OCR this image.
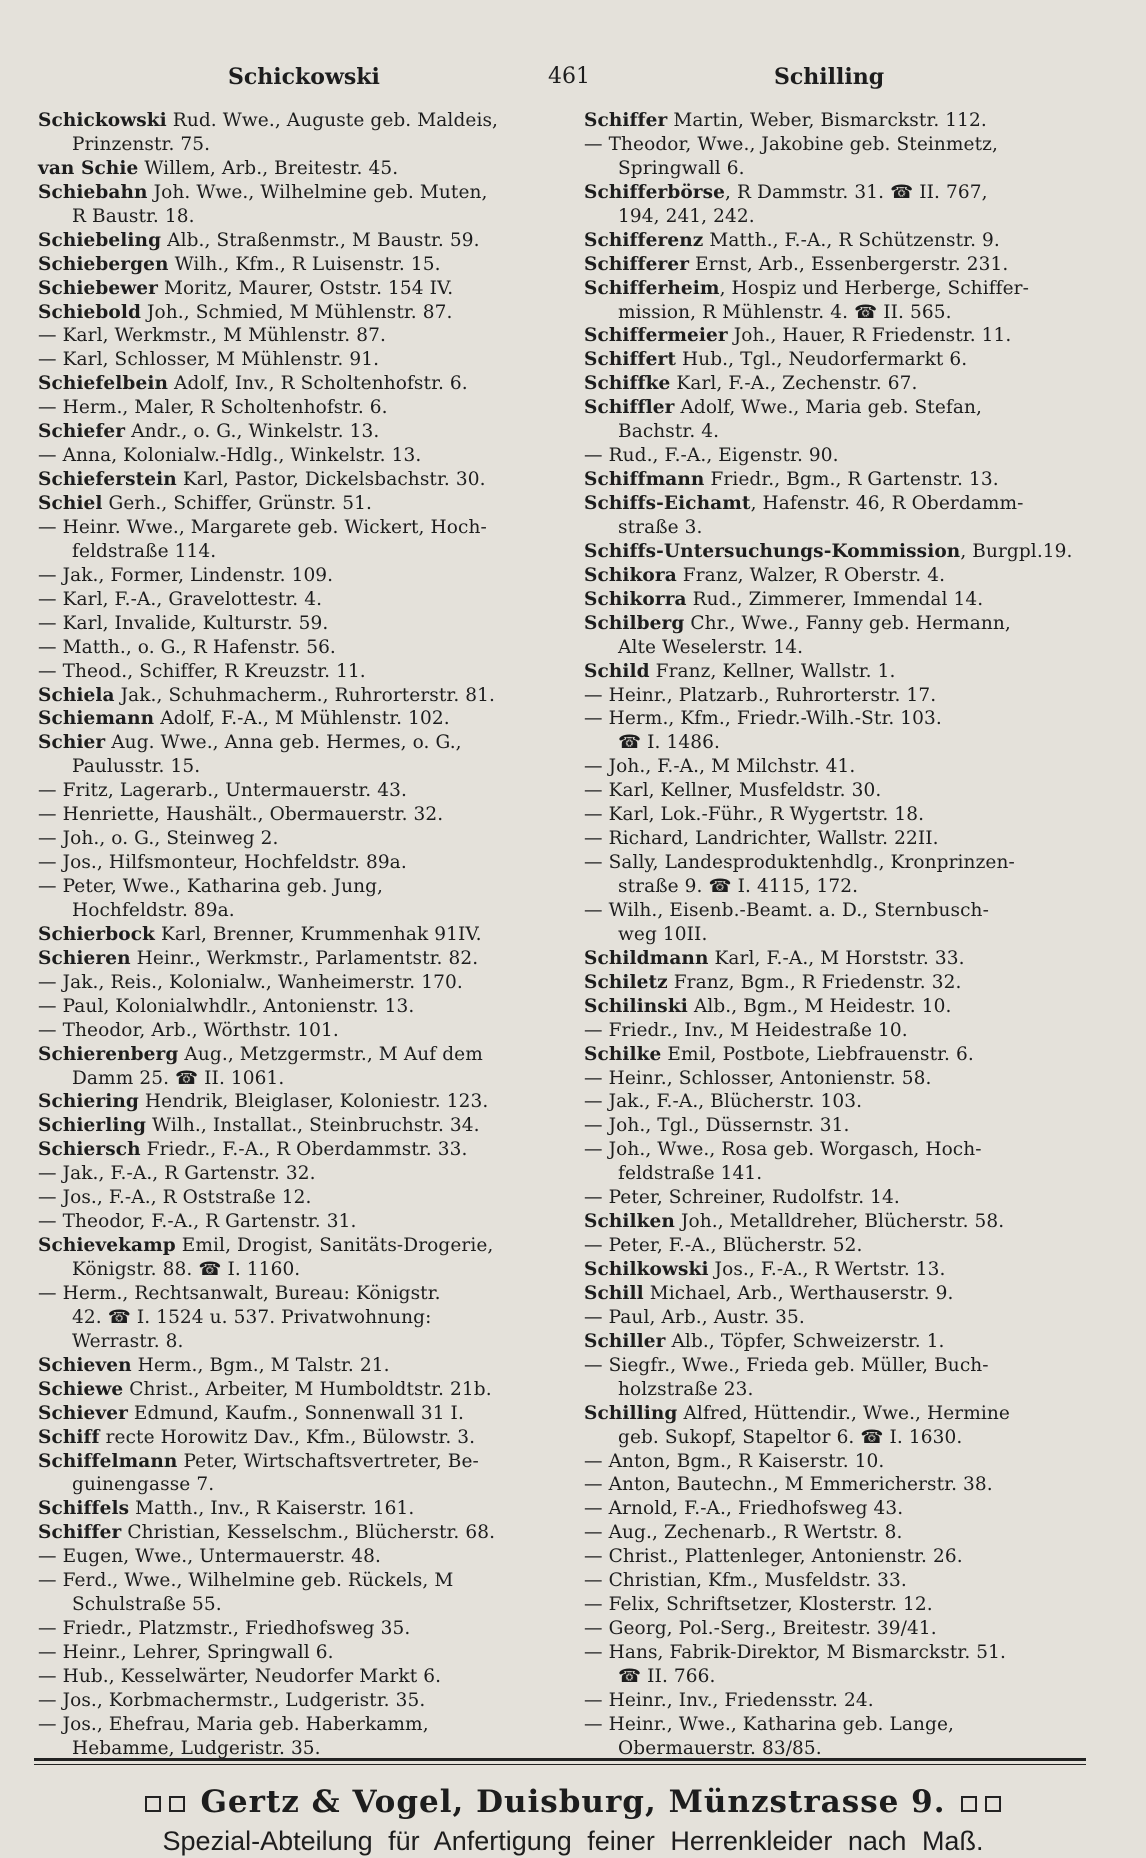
Schickowski	461	Schilling
Schickowski Rud. Wwe., Auguste geb. Maldeis,
Prinzenstr. 75.
van Schie Willem, Arb., Breitestr. 45.
Schiebahn Joh. Wwe., Wilhelmine geb. Muten,
R Baustr. 18.
Schiebeling Alb., Straßenmstr., M Baustr. 59.
Schiebergen Wilh., Kfm., R Luisenstr. 15.
Schiebewer Moritz, Maurer, Oststr. 154 IV.
Schiebold Joh., Schmied, M Mühlenstr. 87.
— Karl, Werkmstr., M Mühlenstr. 87.
— Karl, Schlosser, M Mühlenstr. 91.
Schiefelbein Adolf, Inv., R Scholtenhofstr. 6.
— Herm., Maler, R Scholtenhofstr. 6.
Schiefer Andr., o. G., Winkelstr. 13.
— Anna, Kolonialw.-Hdlg., Winkelstr. 13.
Schieferstein Karl, Pastor, Dickelsbachstr. 30.
Schiel Gerh., Schiffer, Grünstr. 51.
— Heinr. Wwe., Margarete geb. Wickert, Hoch-
feldstraße 114.
— Jak., Former, Lindenstr. 109.
— Karl, F.-A., Gravelottestr. 4.
— Karl, Invalide, Kulturstr. 59.
— Matth., o. G., R Hafenstr. 56.
— Theod., Schiffer, R Kreuzstr. 11.
Schiela Jak., Schuhmacherm., Ruhrorterstr. 81.
Schiemann Adolf, F.-A., M Mühlenstr. 102.
Schier Aug. Wwe., Anna geb. Hermes, o. G.,
Paulusstr. 15.
— Fritz, Lagerarb., Untermauerstr. 43.
— Henriette, Haushält., Obermauerstr. 32.
— Joh., o. G., Steinweg 2.
— Jos., Hilfsmonteur, Hochfeldstr. 89a.
— Peter, Wwe., Katharina geb. Jung,
Hochfeldstr. 89a.
Schierbock Karl, Brenner, Krummenhak 91IV.
Schieren Heinr., Werkmstr., Parlamentstr. 82.
— Jak., Reis., Kolonialw., Wanheimerstr. 170.
— Paul, Kolonialwhdlr., Antonienstr. 13.
— Theodor, Arb., Wörthstr. 101.
Schierenberg Aug., Metzgermstr., M Auf dem
Damm 25. ☎ II. 1061.
Schiering Hendrik, Bleiglaser, Koloniestr. 123.
Schierling Wilh., Installat., Steinbruchstr. 34.
Schiersch Friedr., F.-A., R Oberdammstr. 33.
— Jak., F.-A., R Gartenstr. 32.
— Jos., F.-A., R Oststraße 12.
— Theodor, F.-A., R Gartenstr. 31.
Schievekamp Emil, Drogist, Sanitäts-Drogerie,
Königstr. 88. ☎ I. 1160.
— Herm., Rechtsanwalt, Bureau: Königstr.
42. ☎ I. 1524 u. 537. Privatwohnung:
Werrastr. 8.
Schieven Herm., Bgm., M Talstr. 21.
Schiewe Christ., Arbeiter, M Humboldtstr. 21b.
Schiever Edmund, Kaufm., Sonnenwall 31 I.
Schiff recte Horowitz Dav., Kfm., Bülowstr. 3.
Schiffelmann Peter, Wirtschaftsvertreter, Be-
guinengasse 7.
Schiffels Matth., Inv., R Kaiserstr. 161.
Schiffer Christian, Kesselschm., Blücherstr. 68.
— Eugen, Wwe., Untermauerstr. 48.
— Ferd., Wwe., Wilhelmine geb. Rückels, M
Schulstraße 55.
— Friedr., Platzmstr., Friedhofsweg 35.
— Heinr., Lehrer, Springwall 6.
— Hub., Kesselwärter, Neudorfer Markt 6.
— Jos., Korbmachermstr., Ludgeristr. 35.
— Jos., Ehefrau, Maria geb. Haberkamm,
Hebamme, Ludgeristr. 35.
Schiffer Martin, Weber, Bismarckstr. 112.
— Theodor, Wwe., Jakobine geb. Steinmetz,
Springwall 6.
Schifferbörse, R Dammstr. 31. ☎ II. 767,
194, 241, 242.
Schifferenz Matth., F.-A., R Schützenstr. 9.
Schifferer Ernst, Arb., Essenbergerstr. 231.
Schifferheim, Hospiz und Herberge, Schiffer-
mission, R Mühlenstr. 4. ☎ II. 565.
Schiffermeier Joh., Hauer, R Friedenstr. 11.
Schiffert Hub., Tgl., Neudorfermarkt 6.
Schiffke Karl, F.-A., Zechenstr. 67.
Schiffler Adolf, Wwe., Maria geb. Stefan,
Bachstr. 4.
— Rud., F.-A., Eigenstr. 90.
Schiffmann Friedr., Bgm., R Gartenstr. 13.
Schiffs-Eichamt, Hafenstr. 46, R Oberdamm-
straße 3.
Schiffs-Untersuchungs-Kommission, Burgpl.19.
Schikora Franz, Walzer, R Oberstr. 4.
Schikorra Rud., Zimmerer, Immendal 14.
Schilberg Chr., Wwe., Fanny geb. Hermann,
Alte Weselerstr. 14.
Schild Franz, Kellner, Wallstr. 1.
— Heinr., Platzarb., Ruhrorterstr. 17.
— Herm., Kfm., Friedr.-Wilh.-Str. 103.
☎ I. 1486.
— Joh., F.-A., M Milchstr. 41.
— Karl, Kellner, Musfeldstr. 30.
— Karl, Lok.-Führ., R Wygertstr. 18.
— Richard, Landrichter, Wallstr. 22II.
— Sally, Landesproduktenhdlg., Kronprinzen-
straße 9. ☎ I. 4115, 172.
— Wilh., Eisenb.-Beamt. a. D., Sternbusch-
weg 10II.
Schildmann Karl, F.-A., M Horststr. 33.
Schiletz Franz, Bgm., R Friedenstr. 32.
Schilinski Alb., Bgm., M Heidestr. 10.
— Friedr., Inv., M Heidestraße 10.
Schilke Emil, Postbote, Liebfrauenstr. 6.
— Heinr., Schlosser, Antonienstr. 58.
— Jak., F.-A., Blücherstr. 103.
— Joh., Tgl., Düssernstr. 31.
— Joh., Wwe., Rosa geb. Worgasch, Hoch-
feldstraße 141.
— Peter, Schreiner, Rudolfstr. 14.
Schilken Joh., Metalldreher, Blücherstr. 58.
— Peter, F.-A., Blücherstr. 52.
Schilkowski Jos., F.-A., R Wertstr. 13.
Schill Michael, Arb., Werthauserstr. 9.
— Paul, Arb., Austr. 35.
Schiller Alb., Töpfer, Schweizerstr. 1.
— Siegfr., Wwe., Frieda geb. Müller, Buch-
holzstraße 23.
Schilling Alfred, Hüttendir., Wwe., Hermine
geb. Sukopf, Stapeltor 6. ☎ I. 1630.
— Anton, Bgm., R Kaiserstr. 10.
— Anton, Bautechn., M Emmericherstr. 38.
— Arnold, F.-A., Friedhofsweg 43.
— Aug., Zechenarb., R Wertstr. 8.
— Christ., Plattenleger, Antonienstr. 26.
— Christian, Kfm., Musfeldstr. 33.
— Felix, Schriftsetzer, Klosterstr. 12.
— Georg, Pol.-Serg., Breitestr. 39/41.
— Hans, Fabrik-Direktor, M Bismarckstr. 51.
☎ II. 766.
— Heinr., Inv., Friedensstr. 24.
— Heinr., Wwe., Katharina geb. Lange,
Obermauerstr. 83/85.
Gertz & Vogel, Duisburg, Münzstrasse 9.
Spezial-Abteilung für Anfertigung feiner Herrenkleider nach Maß.
